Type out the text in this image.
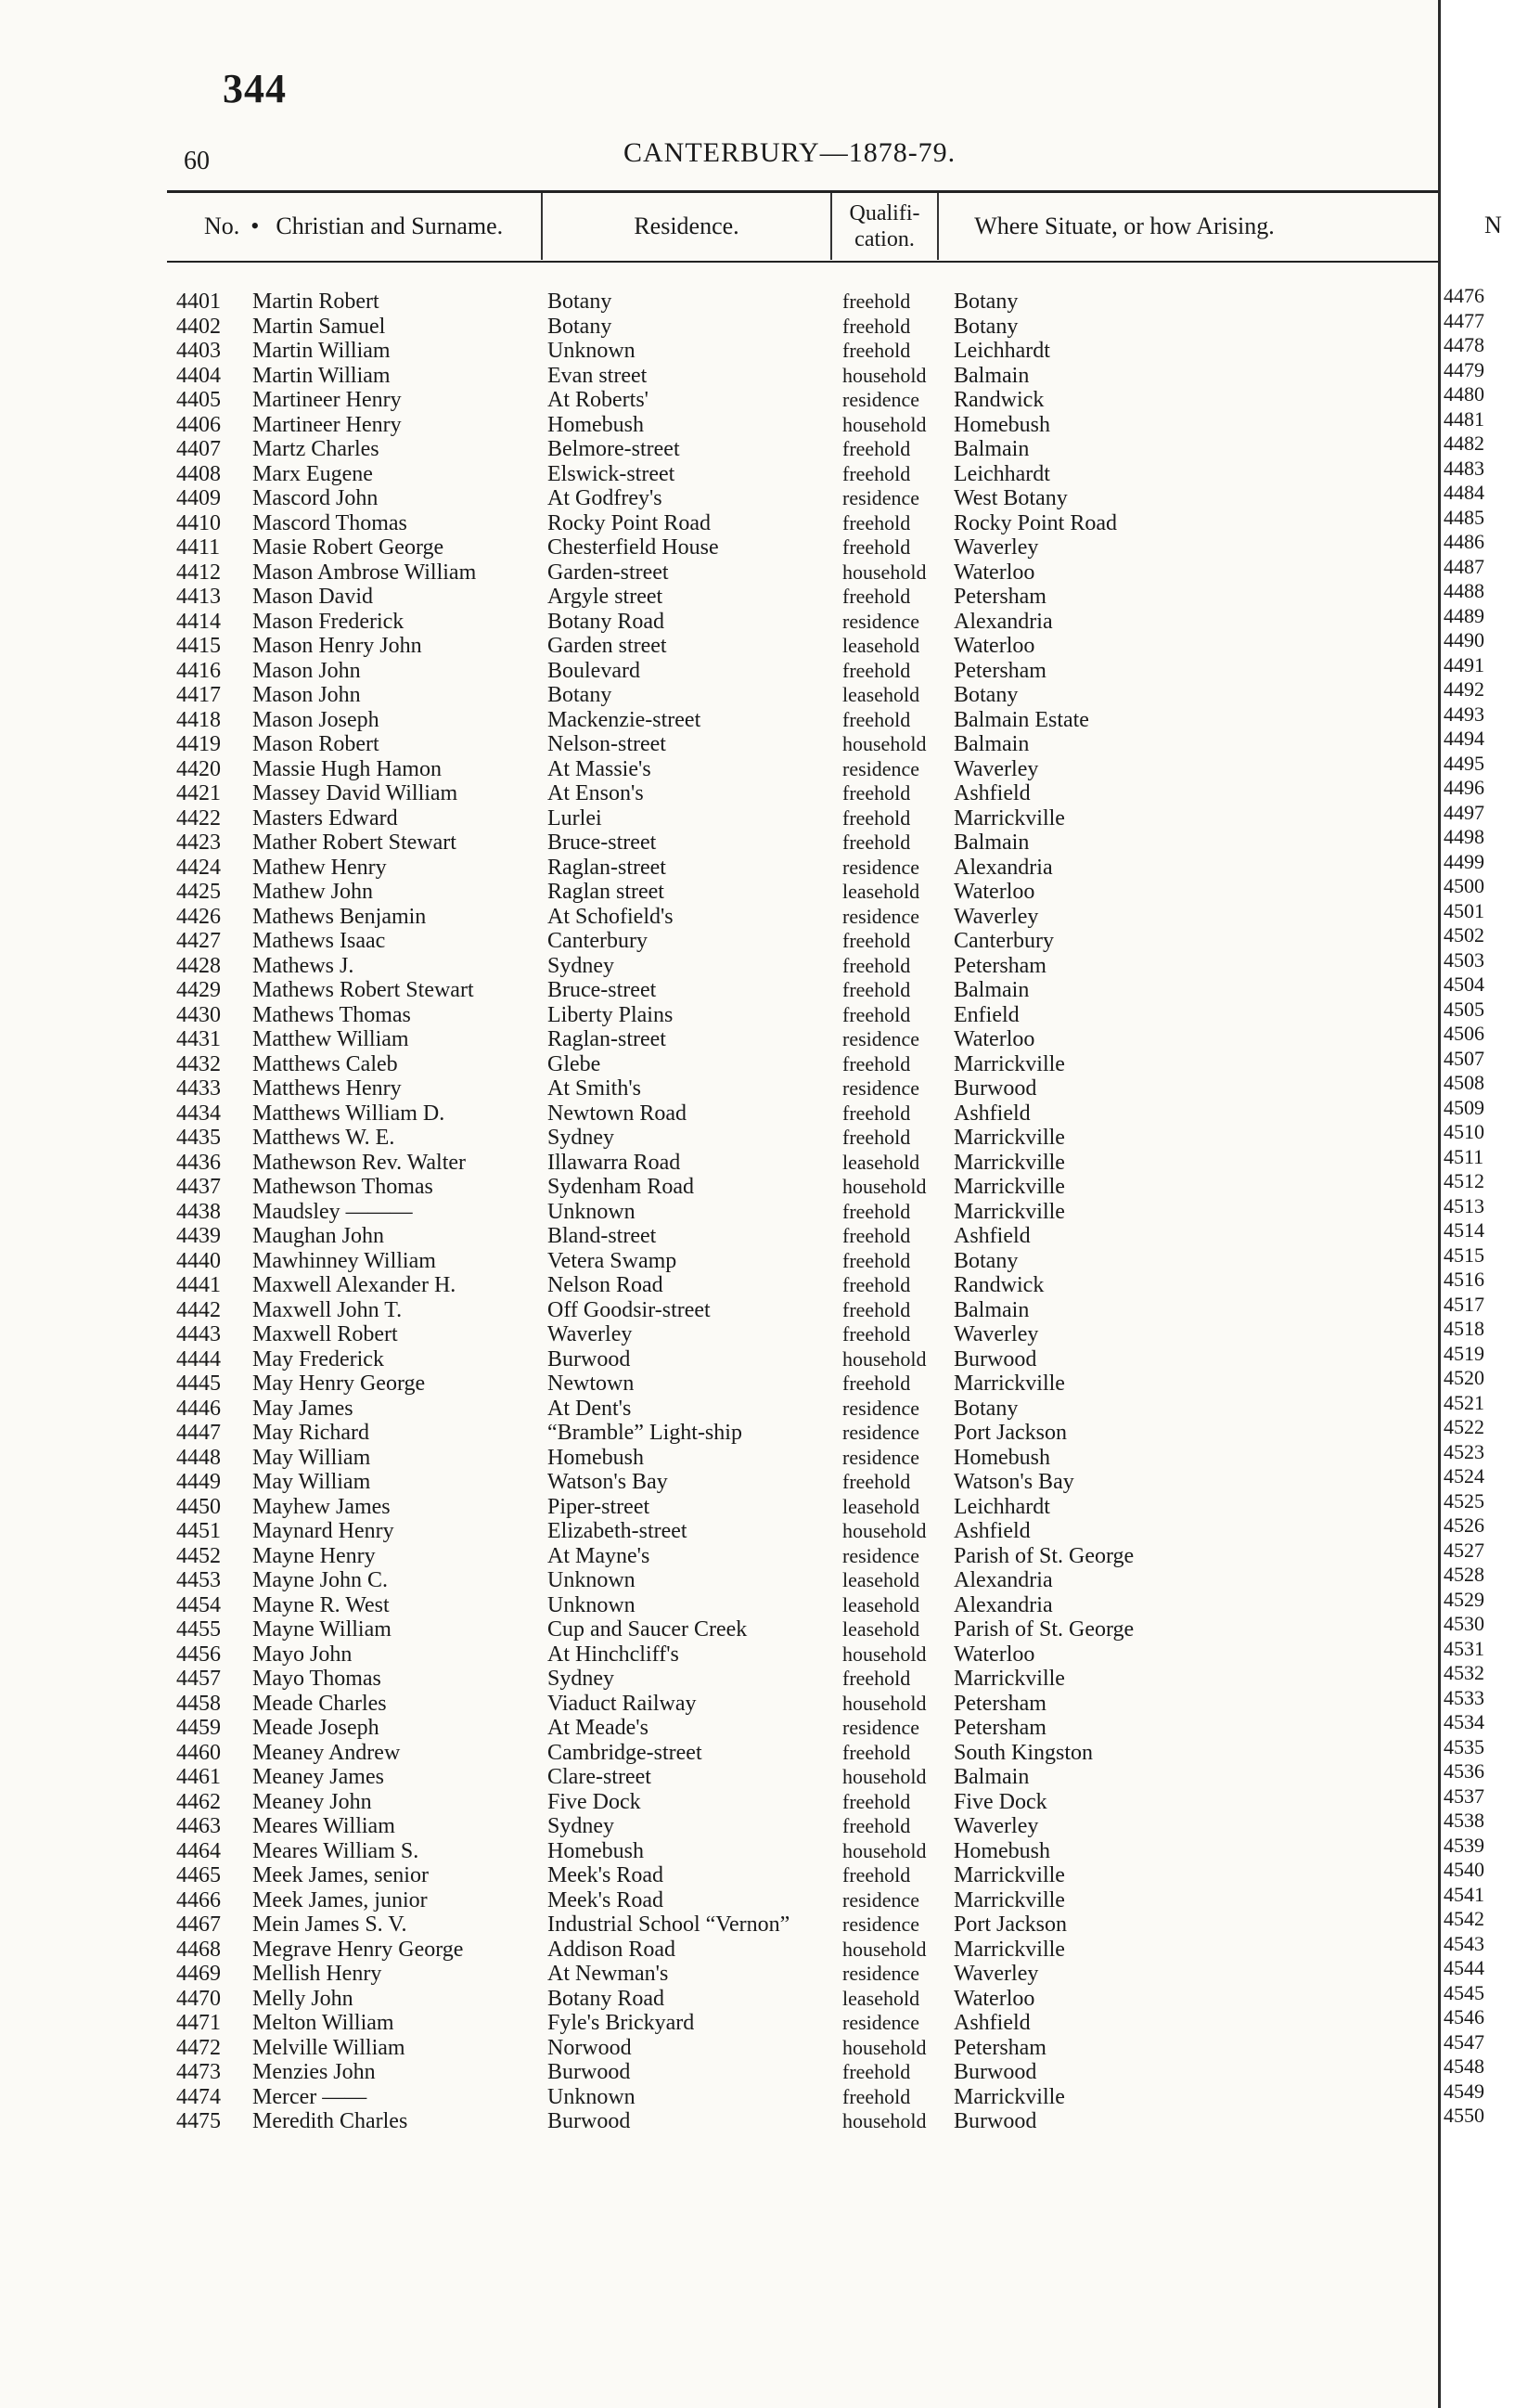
344
60	CANTERBURY—1878-79.
No. • Christian and Surname.	Residence.	Qualifi-cation.	Where Situate, or how Arising.
4401 Martin Robert	Botany	freehold Botany
4402 Martin Samuel	Botany	freehold Botany
4403 Martin William	Unknown	freehold Leichhardt
4404 Martin William	Evan street	household Balmain
4405 Martineer Henry	At Roberts'	residence Randwick
4406 Martineer Henry	Homebush	household Homebush
4407 Martz Charles	Belmore-street	freehold Balmain
4408 Marx Eugene	Elswick-street	freehold Leichhardt
4409 Mascord John	At Godfrey's	residence West Botany
4410 Mascord Thomas	Rocky Point Road	freehold Rocky Point Road
4411 Masie Robert George	Chesterfield House	freehold Waverley
4412 Mason Ambrose William	Garden-street	household Waterloo
4413 Mason David	Argyle street	freehold Petersham
4414 Mason Frederick	Botany Road	residence Alexandria
4415 Mason Henry John	Garden street	leasehold Waterloo
4416 Mason John	Boulevard	freehold Petersham
4417 Mason John	Botany	leasehold Botany
4418 Mason Joseph	Mackenzie-street	freehold Balmain Estate
4419 Mason Robert	Nelson-street	household Balmain
4420 Massie Hugh Hamon	At Massie's	residence Waverley
4421 Massey David William	At Enson's	freehold Ashfield
4422 Masters Edward	Lurlei	freehold Marrickville
4423 Mather Robert Stewart	Bruce-street	freehold Balmain
4424 Mathew Henry	Raglan-street	residence Alexandria
4425 Mathew John	Raglan street	leasehold Waterloo
4426 Mathews Benjamin	At Schofield's	residence Waverley
4427 Mathews Isaac	Canterbury	freehold Canterbury
4428 Mathews J.	Sydney	freehold Petersham
4429 Mathews Robert Stewart	Bruce-street	freehold Balmain
4430 Mathews Thomas	Liberty Plains	freehold Enfield
4431 Matthew William	Raglan-street	residence Waterloo
4432 Matthews Caleb	Glebe	freehold Marrickville
4433 Matthews Henry	At Smith's	residence Burwood
4434 Matthews William D.	Newtown Road	freehold Ashfield
4435 Matthews W. E.	Sydney	freehold Marrickville
4436 Mathewson Rev. Walter	Illawarra Road	leasehold Marrickville
4437 Mathewson Thomas	Sydenham Road	household Marrickville
4438 Maudsley ———	Unknown	freehold Marrickville
4439 Maughan John	Bland-street	freehold Ashfield
4440 Mawhinney William	Vetera Swamp	freehold Botany
4441 Maxwell Alexander H.	Nelson Road	freehold Randwick
4442 Maxwell John T.	Off Goodsir-street	freehold Balmain
4443 Maxwell Robert	Waverley	freehold Waverley
4444 May Frederick	Burwood	household Burwood
4445 May Henry George	Newtown	freehold Marrickville
4446 May James	At Dent's	residence Botany
4447 May Richard	“Bramble” Light-ship	residence Port Jackson
4448 May William	Homebush	residence Homebush
4449 May William	Watson's Bay	freehold Watson's Bay
4450 Mayhew James	Piper-street	leasehold Leichhardt
4451 Maynard Henry	Elizabeth-street	household Ashfield
4452 Mayne Henry	At Mayne's	residence Parish of St. George
4453 Mayne John C.	Unknown	leasehold Alexandria
4454 Mayne R. West	Unknown	leasehold Alexandria
4455 Mayne William	Cup and Saucer Creek	leasehold Parish of St. George
4456 Mayo John	At Hinchcliff's	household Waterloo
4457 Mayo Thomas	Sydney	freehold Marrickville
4458 Meade Charles	Viaduct Railway	household Petersham
4459 Meade Joseph	At Meade's	residence Petersham
4460 Meaney Andrew	Cambridge-street	freehold South Kingston
4461 Meaney James	Clare-street	household Balmain
4462 Meaney John	Five Dock	freehold Five Dock
4463 Meares William	Sydney	freehold Waverley
4464 Meares William S.	Homebush	household Homebush
4465 Meek James, senior	Meek's Road	freehold Marrickville
4466 Meek James, junior	Meek's Road	residence Marrickville
4467 Mein James S. V.	Industrial School “Vernon”	residence Port Jackson
4468 Megrave Henry George	Addison Road	household Marrickville
4469 Mellish Henry	At Newman's	residence Waverley
4470 Melly John	Botany Road	leasehold Waterloo
4471 Melton William	Fyle's Brickyard	residence Ashfield
4472 Melville William	Norwood	household Petersham
4473 Menzies John	Burwood	freehold Burwood
4474 Mercer ——	Unknown	freehold Marrickville
4475 Meredith Charles	Burwood	household Burwood
N
4476
4477
4478
4479
4480
4481
4482
4483
4484
4485
4486
4487
4488
4489
4490
4491
4492
4493
4494
4495
4496
4497
4498
4499
4500
4501
4502
4503
4504
4505
4506
4507
4508
4509
4510
4511
4512
4513
4514
4515
4516
4517
4518
4519
4520
4521
4522
4523
4524
4525
4526
4527
4528
4529
4530
4531
4532
4533
4534
4535
4536
4537
4538
4539
4540
4541
4542
4543
4544
4545
4546
4547
4548
4549
4550
